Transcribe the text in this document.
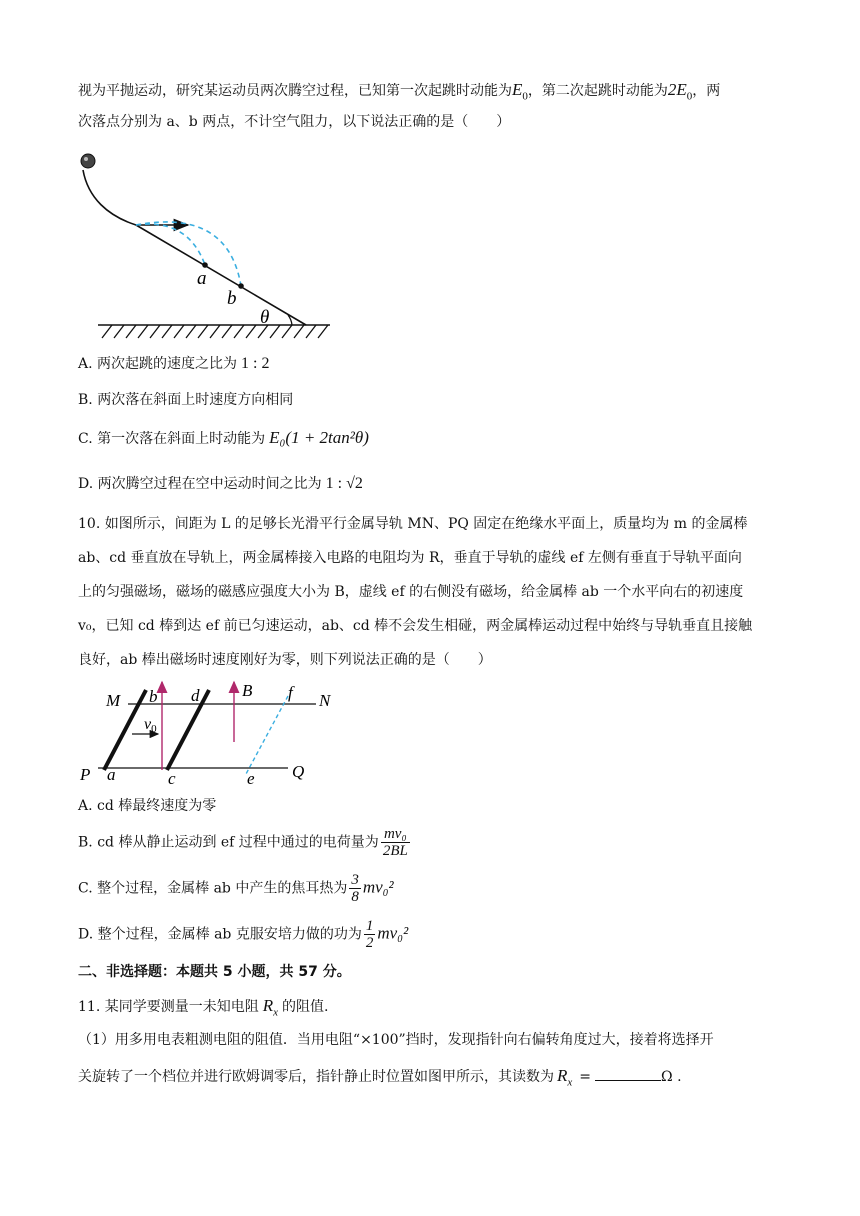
视为平抛运动，研究某运动员两次腾空过程，已知第一次起跳时动能为$E_0$，第二次起跳时动能为$2E_0$，两
次落点分别为 a、b 两点，不计空气阻力，以下说法正确的是（　　）
a
b
θ
A. 两次起跳的速度之比为 1 : 2
B. 两次落在斜面上时速度方向相同
C. 第一次落在斜面上时动能为 E₀(1 + 2tan²θ)
D. 两次腾空过程在空中运动时间之比为 1 : √2
10. 如图所示，间距为 L 的足够长光滑平行金属导轨 MN、PQ 固定在绝缘水平面上，质量均为 m 的金属棒
ab、cd 垂直放在导轨上，两金属棒接入电路的电阻均为 R，垂直于导轨的虚线 ef 左侧有垂直于导轨平面向
上的匀强磁场，磁场的磁感应强度大小为 B，虚线 ef 的右侧没有磁场，给金属棒 ab 一个水平向右的初速度
v₀，已知 cd 棒到达 ef 前已匀速运动，ab、cd 棒不会发生相碰，两金属棒运动过程中始终与导轨垂直且接触
良好，ab 棒出磁场时速度刚好为零，则下列说法正确的是（　　）
M	N
P	Q
a
b
c
d
e
f
B
v0
A. cd 棒最终速度为零
B. cd 棒从静止运动到 ef 过程中通过的电荷量为 $\frac{\text{mv₀}}{2BL}$
C. 整个过程，金属棒 ab 中产生的焦耳热为 $\frac{3}{8} mv_0^2$
D. 整个过程，金属棒 ab 克服安培力做的功为 $\frac{1}{2} mv_0^2$
二、非选择题：本题共 5 小题，共 57 分。
11. 某同学要测量一未知电阻 $R_x$ 的阻值.
（1）用多用电表粗测电阻的阻值．当用电阻“×100”挡时，发现指针向右偏转角度过大，接着将选择开
关旋转了一个档位并进行欧姆调零后，指针静止时位置如图甲所示，其读数为 $R_x$ =	Ω .
